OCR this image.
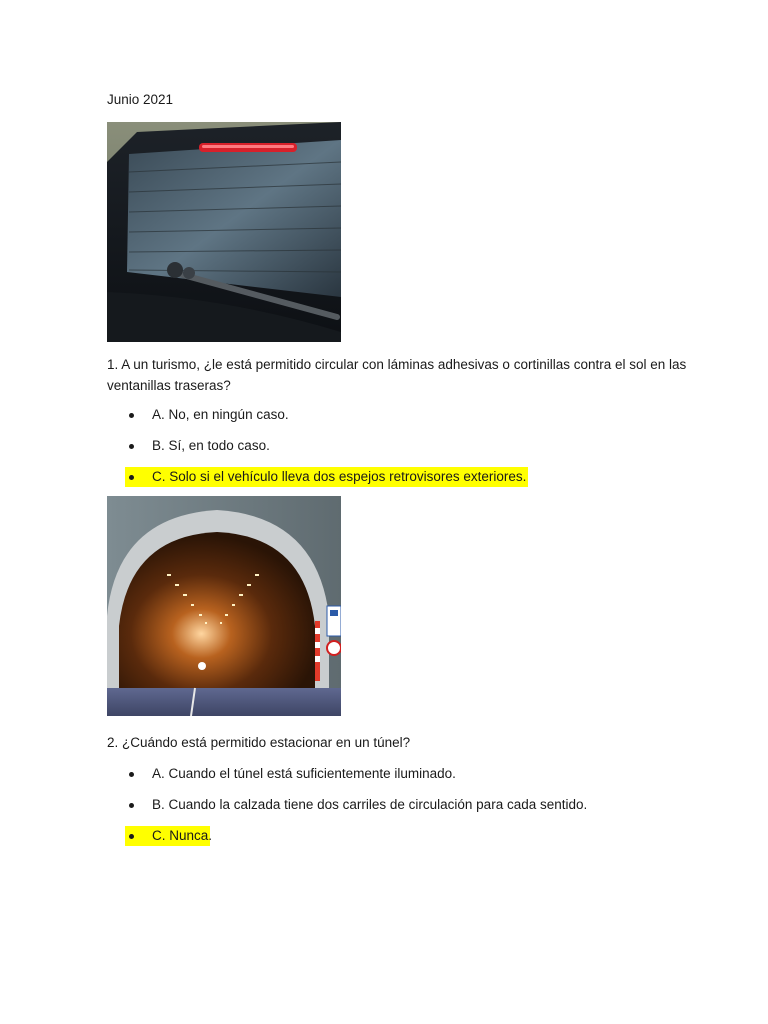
Junio 2021
1. A un turismo, ¿le está permitido circular con láminas adhesivas o cortinillas contra el sol en las ventanillas traseras?
A. No, en ningún caso.
B. Sí, en todo caso.
C. Solo si el vehículo lleva dos espejos retrovisores exteriores.
2. ¿Cuándo está permitido estacionar en un túnel?
A. Cuando el túnel está suficientemente iluminado.
B. Cuando la calzada tiene dos carriles de circulación para cada sentido.
C. Nunca.
